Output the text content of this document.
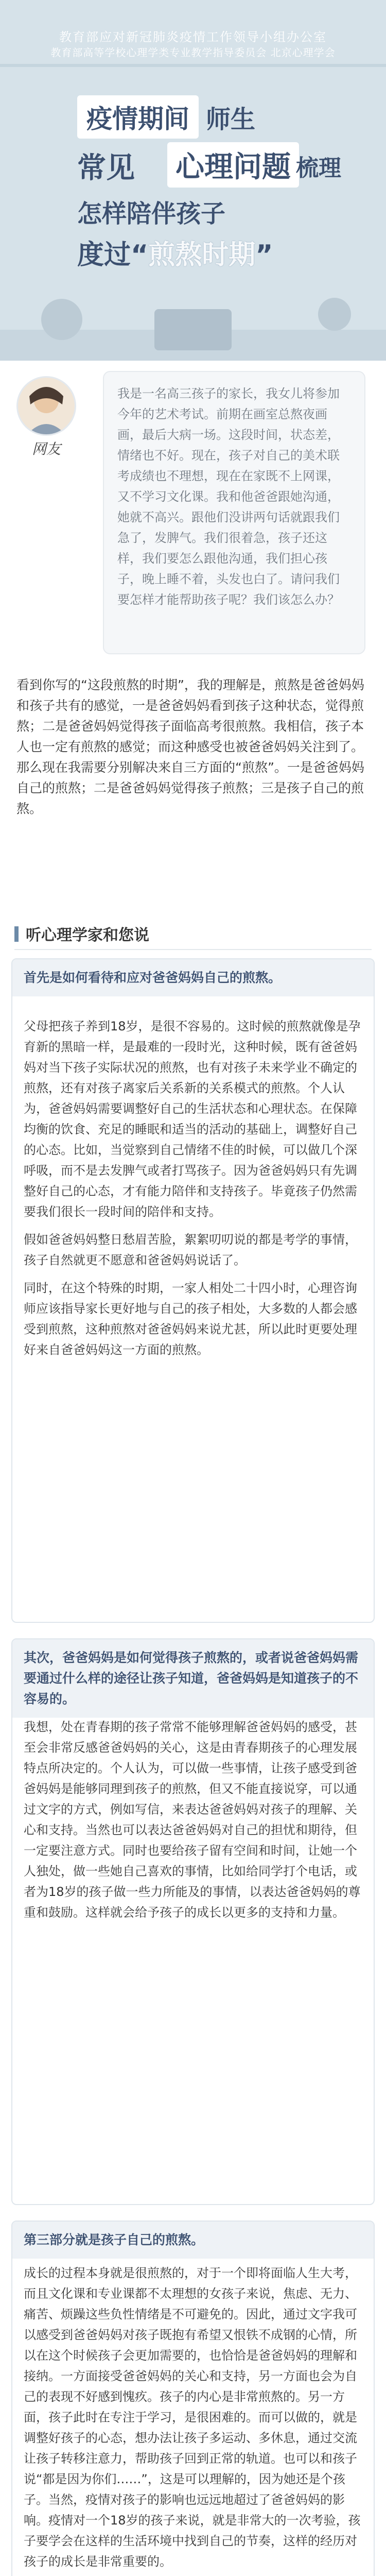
教育部应对新冠肺炎疫情工作领导小组办公室
教育部高等学校心理学类专业教学指导委员会 北京心理学会
疫情期间 师生
常见 心理问题 梳理
怎样陪伴孩子
度过“煎熬时期”
网友
我是一名高三孩子的家长，我女儿将参加今年的艺术考试。前期在画室总熬夜画画，最后大病一场。这段时间，状态差，情绪也不好。现在，孩子对自己的美术联考成绩也不理想，现在在家既不上网课，又不学习文化课。我和他爸爸跟她沟通，她就不高兴。跟他们没讲两句话就跟我们急了，发脾气。我们很着急，孩子还这样，我们要怎么跟他沟通，我们担心孩子，晚上睡不着，头发也白了。请问我们要怎样才能帮助孩子呢？我们该怎么办？
看到你写的“这段煎熬的时期”，我的理解是，煎熬是爸爸妈妈和孩子共有的感觉，一是爸爸妈妈看到孩子这种状态，觉得煎熬；二是爸爸妈妈觉得孩子面临高考很煎熬。我相信，孩子本人也一定有煎熬的感觉；而这种感受也被爸爸妈妈关注到了。那么现在我需要分别解决来自三方面的“煎熬”。一是爸爸妈妈自己的煎熬；二是爸爸妈妈觉得孩子煎熬；三是孩子自己的煎熬。
听心理学家和您说
首先是如何看待和应对爸爸妈妈自己的煎熬。

父母把孩子养到18岁，是很不容易的。这时候的煎熬就像是孕育新的黑暗一样，是最难的一段时光，这种时候，既有爸爸妈妈对当下孩子实际状况的煎熬，也有对孩子未来学业不确定的煎熬，还有对孩子离家后关系新的关系模式的煎熬。个人认为，爸爸妈妈需要调整好自己的生活状态和心理状态。在保障均衡的饮食、充足的睡眠和适当的活动的基础上，调整好自己的心态。比如，当觉察到自己情绪不佳的时候，可以做几个深呼吸，而不是去发脾气或者打骂孩子。因为爸爸妈妈只有先调整好自己的心态，才有能力陪伴和支持孩子。毕竟孩子仍然需要我们很长一段时间的陪伴和支持。

假如爸爸妈妈整日愁眉苦脸，絮絮叨叨说的都是考学的事情，孩子自然就更不愿意和爸爸妈妈说话了。

同时，在这个特殊的时期，一家人相处二十四小时，心理咨询师应该指导家长更好地与自己的孩子相处，大多数的人都会感受到煎熬，这种煎熬对爸爸妈妈来说尤甚，所以此时更要处理好来自爸爸妈妈这一方面的煎熬。

其次，爸爸妈妈是如何觉得孩子煎熬的，或者说爸爸妈妈需要通过什么样的途径让孩子知道，爸爸妈妈是知道孩子的不容易的。

我想，处在青春期的孩子常常不能够理解爸爸妈妈的感受，甚至会非常反感爸爸妈妈的关心，这是由青春期孩子的心理发展特点所决定的。个人认为，可以做一些事情，让孩子感受到爸爸妈妈是能够同理到孩子的煎熬，但又不能直接说穿，可以通过文字的方式，例如写信，来表达爸爸妈妈对孩子的理解、关心和支持。当然也可以表达爸爸妈妈对自己的担忧和期待，但一定要注意方式。同时也要给孩子留有空间和时间，让她一个人独处，做一些她自己喜欢的事情，比如给同学打个电话，或者为18岁的孩子做一些力所能及的事情，以表达爸爸妈妈的尊重和鼓励。这样就会给予孩子的成长以更多的支持和力量。

第三部分就是孩子自己的煎熬。

成长的过程本身就是很煎熬的，对于一个即将面临人生大考，而且文化课和专业课都不太理想的女孩子来说，焦虑、无力、痛苦、烦躁这些负性情绪是不可避免的。因此，通过文字我可以感受到爸爸妈妈对孩子既抱有希望又恨铁不成钢的心情，所以在这个时候孩子会更加需要的，也恰恰是爸爸妈妈的理解和接纳。一方面接受爸爸妈妈的关心和支持，另一方面也会为自己的表现不好感到愧疚。孩子的内心是非常煎熬的。另一方面，孩子此时在专注于学习，是很困难的。而可以做的，就是调整好孩子的心态，想办法让孩子多运动、多休息，通过交流让孩子转移注意力，帮助孩子回到正常的轨道。也可以和孩子说“都是因为你们……”，这是可以理解的，因为她还是个孩子。当然，疫情对孩子的影响也远远地超过了爸爸妈妈的影响。疫情对一个18岁的孩子来说，就是非常大的一次考验，孩子要学会在这样的生活环境中找到自己的节奏，这样的经历对孩子的成长是非常重要的。
